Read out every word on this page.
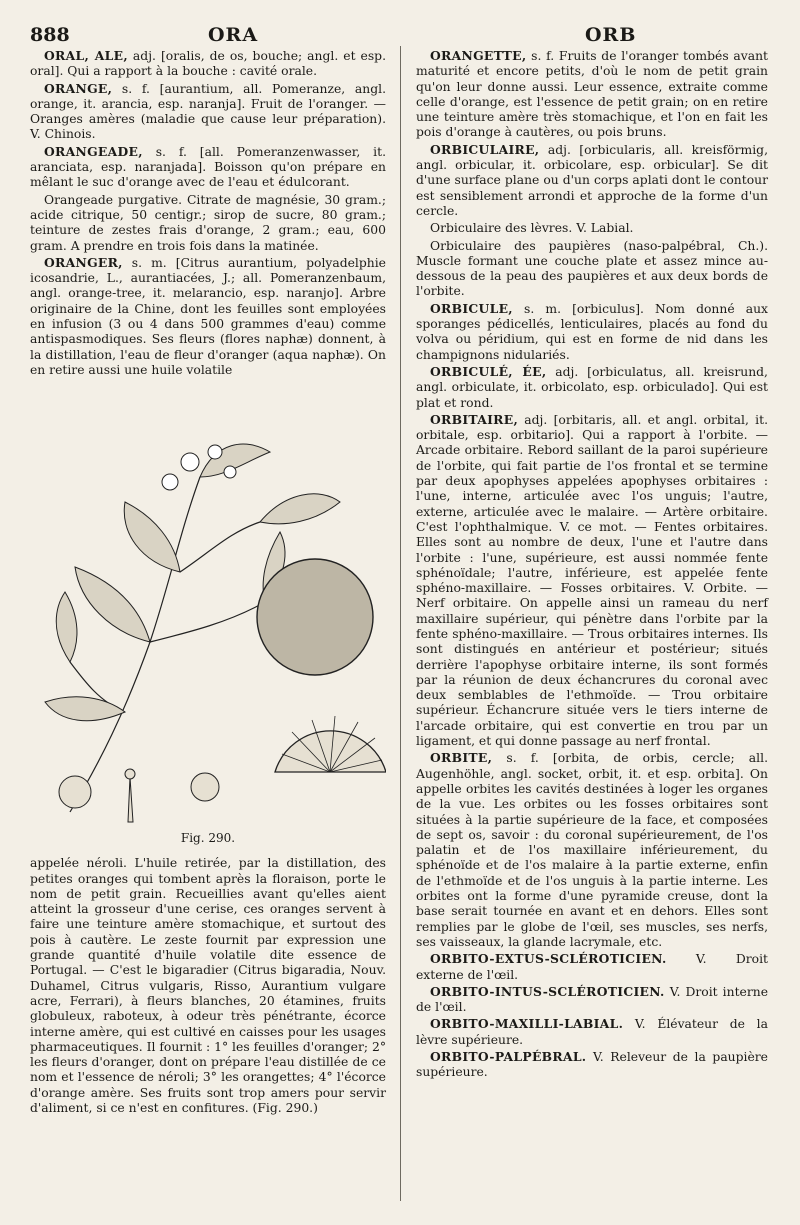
888	ORA	ORB

ORAL, ALE, adj. [oralis, de os, bouche; angl. et esp. oral]. Qui a rapport à la bouche : cavité orale.

ORANGE, s. f. [aurantium, all. Pomeranze, angl. orange, it. arancia, esp. naranja]. Fruit de l'oranger. — Oranges amères (maladie que cause leur préparation). V. Chinois.

ORANGEADE, s. f. [all. Pomeranzenwasser, it. aranciata, esp. naranjada]. Boisson qu'on prépare en mêlant le suc d'orange avec de l'eau et édulcorant.

Orangeade purgative. Citrate de magnésie, 30 gram.; acide citrique, 50 centigr.; sirop de sucre, 80 gram.; teinture de zestes frais d'orange, 2 gram.; eau, 600 gram. A prendre en trois fois dans la matinée.

ORANGER, s. m. [Citrus aurantium, polyadelphie icosandrie, L., aurantiacées, J.; all. Pomeranzenbaum, angl. orange-tree, it. melarancio, esp. naranjo]. Arbre originaire de la Chine, dont les feuilles sont employées en infusion (3 ou 4 dans 500 grammes d'eau) comme antispasmodiques. Ses fleurs (flores naphæ) donnent, à la distillation, l'eau de fleur d'oranger (aqua naphæ). On en retire aussi une huile volatile

Fig. 290.

appelée néroli. L'huile retirée, par la distillation, des petites oranges qui tombent après la floraison, porte le nom de petit grain. Recueillies avant qu'elles aient atteint la grosseur d'une cerise, ces oranges servent à faire une teinture amère stomachique, et surtout des pois à cautère. Le zeste fournit par expression une grande quantité d'huile volatile dite essence de Portugal. — C'est le bigaradier (Citrus bigaradia, Nouv. Duhamel, Citrus vulgaris, Risso, Aurantium vulgare acre, Ferrari), à fleurs blanches, 20 étamines, fruits globuleux, raboteux, à odeur très pénétrante, écorce interne amère, qui est cultivé en caisses pour les usages pharmaceutiques. Il fournit : 1° les feuilles d'oranger; 2° les fleurs d'oranger, dont on prépare l'eau distillée de ce nom et l'essence de néroli; 3° les orangettes; 4° l'écorce d'orange amère. Ses fruits sont trop amers pour servir d'aliment, si ce n'est en confitures. (Fig. 290.)

ORANGETTE, s. f. Fruits de l'oranger tombés avant maturité et encore petits, d'où le nom de petit grain qu'on leur donne aussi. Leur essence, extraite comme celle d'orange, est l'essence de petit grain; on en retire une teinture amère très stomachique, et l'on en fait les pois d'orange à cautères, ou pois bruns.

ORBICULAIRE, adj. [orbicularis, all. kreisförmig, angl. orbicular, it. orbicolare, esp. orbicular]. Se dit d'une surface plane ou d'un corps aplati dont le contour est sensiblement arrondi et approche de la forme d'un cercle.

Orbiculaire des lèvres. V. Labial.

Orbiculaire des paupières (naso-palpébral, Ch.). Muscle formant une couche plate et assez mince au-dessous de la peau des paupières et aux deux bords de l'orbite.

ORBICULE, s. m. [orbiculus]. Nom donné aux sporanges pédicellés, lenticulaires, placés au fond du volva ou péridium, qui est en forme de nid dans les champignons nidulariés.

ORBICULÉ, ÉE, adj. [orbiculatus, all. kreisrund, angl. orbiculate, it. orbicolato, esp. orbiculado]. Qui est plat et rond.

ORBITAIRE, adj. [orbitaris, all. et angl. orbital, it. orbitale, esp. orbitario]. Qui a rapport à l'orbite. — Arcade orbitaire. Rebord saillant de la paroi supérieure de l'orbite, qui fait partie de l'os frontal et se termine par deux apophyses appelées apophyses orbitaires : l'une, interne, articulée avec l'os unguis; l'autre, externe, articulée avec le malaire. — Artère orbitaire. C'est l'ophthalmique. V. ce mot. — Fentes orbitaires. Elles sont au nombre de deux, l'une et l'autre dans l'orbite : l'une, supérieure, est aussi nommée fente sphénoïdale; l'autre, inférieure, est appelée fente sphéno-maxillaire. — Fosses orbitaires. V. Orbite. — Nerf orbitaire. On appelle ainsi un rameau du nerf maxillaire supérieur, qui pénètre dans l'orbite par la fente sphéno-maxillaire. — Trous orbitaires internes. Ils sont distingués en antérieur et postérieur; situés derrière l'apophyse orbitaire interne, ils sont formés par la réunion de deux échancrures du coronal avec deux semblables de l'ethmoïde. — Trou orbitaire supérieur. Échancrure située vers le tiers interne de l'arcade orbitaire, qui est convertie en trou par un ligament, et qui donne passage au nerf frontal.

ORBITE, s. f. [orbita, de orbis, cercle; all. Augenhöhle, angl. socket, orbit, it. et esp. orbita]. On appelle orbites les cavités destinées à loger les organes de la vue. Les orbites ou les fosses orbitaires sont situées à la partie supérieure de la face, et composées de sept os, savoir : du coronal supérieurement, de l'os palatin et de l'os maxillaire inférieurement, du sphénoïde et de l'os malaire à la partie externe, enfin de l'ethmoïde et de l'os unguis à la partie interne. Les orbites ont la forme d'une pyramide creuse, dont la base serait tournée en avant et en dehors. Elles sont remplies par le globe de l'œil, ses muscles, ses nerfs, ses vaisseaux, la glande lacrymale, etc.

ORBITO-EXTUS-SCLÉROTICIEN. V. Droit externe de l'œil.

ORBITO-INTUS-SCLÉROTICIEN. V. Droit interne de l'œil.

ORBITO-MAXILLI-LABIAL. V. Élévateur de la lèvre supérieure.

ORBITO-PALPÉBRAL. V. Releveur de la paupière supérieure.
